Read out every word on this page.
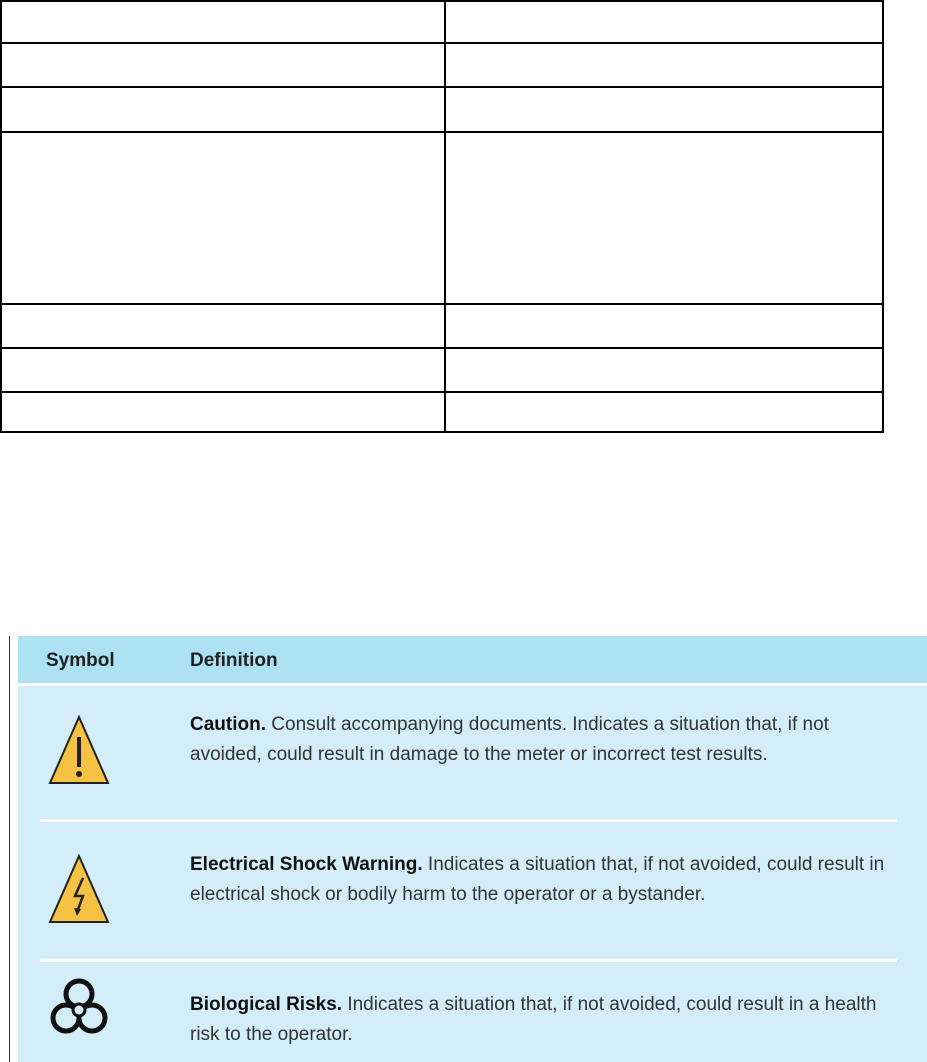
Symbol	Definition
Caution. Consult accompanying documents. Indicates a situation that, if not avoided, could result in damage to the meter or incorrect test results.
Electrical Shock Warning. Indicates a situation that, if not avoided, could result in electrical shock or bodily harm to the operator or a bystander.
Biological Risks. Indicates a situation that, if not avoided, could result in a health risk to the operator.
